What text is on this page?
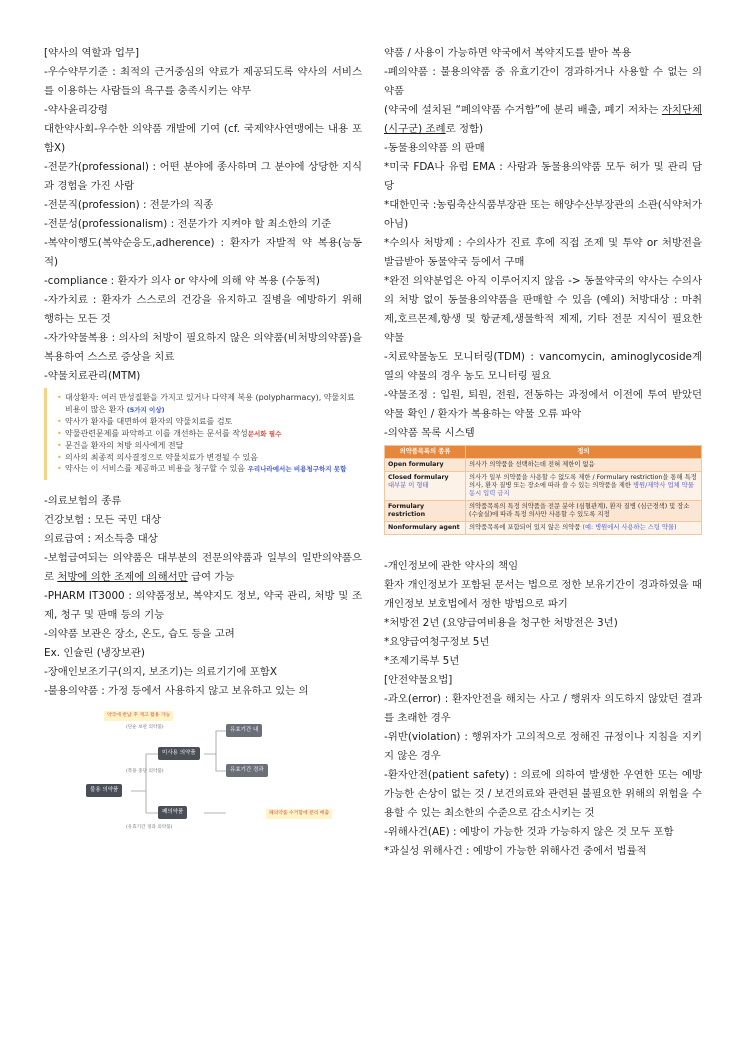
[약사의 역할과 업무]

-우수약무기준 : 최적의 근거중심의 약료가 제공되도록 약사의 서비스를 이용하는 사람들의 욕구를 충족시키는 약무

-약사윤리강령

대한약사회-우수한 의약품 개발에 기여 (cf. 국제약사연맹에는 내용 포함X)

-전문가(professional) : 어떤 분야에 종사하며 그 분야에 상당한 지식과 경험을 가진 사람

-전문직(profession) : 전문가의 직종

-전문성(professionalism) : 전문가가 지켜야 할 최소한의 기준

-복약이행도(복약순응도,adherence) : 환자가 자발적 약 복용(능동적)

-compliance : 환자가 의사 or 약사에 의해 약 복용 (수동적)

-자가치료 : 환자가 스스로의 건강을 유지하고 질병을 예방하기 위해 행하는 모든 것

-자가약물복용 : 의사의 처방이 필요하지 않은 의약품(비처방의약품)을 복용하여 스스로 증상을 치료

-약물치료관리(MTM)

• 대상환자: 여러 만성질환을 가지고 있거나 다약제 복용 (polypharmacy), 약물치료 비용이 많은 환자 (5가지 이상)
• 약사가 환자를 대면하여 환자의 약물치료를 검토
• 약물관련문제를 파악하고 이를 개선하는 문서를 작성문서화 필수
• 문건을 환자의 처방 의사에게 전달
• 의사의 최종적 의사결정으로 약물치료가 변경될 수 있음
• 약사는 이 서비스를 제공하고 비용을 청구할 수 있음 우리나라에서는 비용청구하지 못함

-의료보험의 종류

건강보험 : 모든 국민 대상

의료급여 : 저소득층 대상

-보험급여되는 의약품은 대부분의 전문의약품과 일부의 일반의약품으로 처방에 의한 조제에 의해서만 급여 가능

-PHARM IT3000 : 의약품정보, 복약지도 정보, 약국 관리, 처방 및 조제, 청구 및 판매 등의 기능

-의약품 보관은 장소, 온도, 습도 등을 고려

Ex. 인슐린 (냉장보관)

-장애인보조기구(의지, 보조기)는 의료기기에 포함X

-불용의약품 : 가정 등에서 사용하지 않고 보유하고 있는 의

불용 의약품
미사용 의약품
폐의약품
유효기간 내
유효기간 경과
약국에 반납 후 재고 활용 가능
(단순 보관 의약품)
(복용 중단 의약품)
(유효기간 경과 의약품)
폐의약품 수거함에 분리 배출

약품 / 사용이 가능하면 약국에서 복약지도를 받아 복용

-폐의약품 : 불용의약품 중 유효기간이 경과하거나 사용할 수 없는 의약품

(약국에 설치된 “폐의약품 수거함”에 분리 배출, 폐기 저차는 자치단체(시구군) 조례로 정함)

-동물용의약품 의 판매

*미국 FDA나 유럽 EMA : 사람과 동물용의약품 모두 허가 및 관리 담당

*대한민국 :농림축산식품부장관 또는 해양수산부장관의 소관(식약처가 아님)

*수의사 처방제 : 수의사가 진료 후에 직접 조제 및 투약 or 처방전을 발급받아 동물약국 등에서 구매

*완전 의약분업은 아직 이루어지지 않음 -> 동물약국의 약사는 수의사의 처방 없이 동물용의약품을 판매할 수 있음 (예외) 처방대상 : 마취제,호르몬제,항생 및 항균제,생물학적 제제, 기타 전문 지식이 필요한 약물

-치료약물농도 모니터링(TDM) : vancomycin, aminoglycoside계열의 약물의 경우 농도 모니터링 필요

-약물조정 : 입원, 퇴원, 전원, 전동하는 과정에서 이전에 투여 받았던 약물 확인 / 환자가 복용하는 약물 오류 파악

-의약품 목록 시스템

의약품목록의 종류	정의
Open formulary	의사가 의약품을 선택하는데 전혀 제한이 없음

Closed formulary
대부분 이 형태	의사가 일부 의약품을 사용할 수 없도록 제한 / Formulary restriction을 통해 특정 의사, 환자 질병 또는 장소에 따라 쓸 수 있는 의약품을 제한 병원/제약사 업체 약물 동시 입력 금지
Formulary restriction	의약품목록의 특정 의약품을 전문 분야 (심혈관계), 환자 질병 (심근경색) 및 장소 (수술실)에 따라 특정 의사만 사용할 수 있도록 지정
Nonformulary agent	의약품목록에 포함되어 있지 않은 의약품 (예: 병원에서 사용하는 스팅 약물)

-개인정보에 관한 약사의 책임

환자 개인정보가 포함된 문서는 법으로 정한 보유기간이 경과하였을 때 개인정보 보호법에서 정한 방법으로 파기

*처방전 2년 (요양급여비용을 청구한 처방전은 3년)

*요양급여청구정보 5년

*조제기록부 5년

[안전약물요법]

-과오(error) : 환자안전을 해치는 사고 / 행위자 의도하지 않았던 결과를 초래한 경우

-위반(violation) : 행위자가 고의적으로 정해진 규정이나 지침을 지키지 않은 경우

-환자안전(patient safety) : 의료에 의하여 발생한 우연한 또는 예방가능한 손상이 없는 것 / 보건의료와 관련된 불필요한 위해의 위험을 수용할 수 있는 최소한의 수준으로 감소시키는 것

-위해사건(AE) : 예방이 가능한 것과 가능하지 않은 것 모두 포함

*과실성 위해사건 : 예방이 가능한 위해사건 중에서 법률적
